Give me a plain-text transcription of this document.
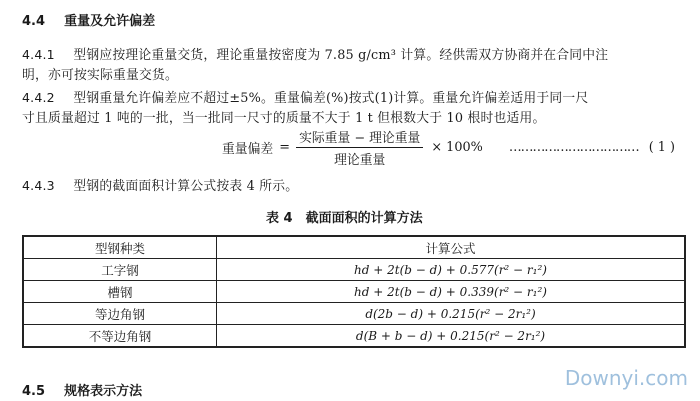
4.4 重量及允许偏差
4.4.1 型钢应按理论重量交货，理论重量按密度为 7.85 g/cm³ 计算。经供需双方协商并在合同中注
明，亦可按实际重量交货。
4.4.2 型钢重量允许偏差应不超过±5%。重量偏差(%)按式(1)计算。重量允许偏差适用于同一尺
寸且质量超过 1 吨的一批，当一批同一尺寸的质量不大于 1 t 但根数大于 10 根时也适用。
重量偏差 = $\frac{\text{实际重量 − 理论重量}}{\text{理论重量}} \times 100\%$ …………………………… ( 1 )
4.4.3 型钢的截面面积计算公式按表 4 所示。
表 4　截面面积的计算方法
型钢种类	计算公式
工字钢	hd + 2t(b − d) + 0.577(r² − r₁²)
槽钢	hd + 2t(b − d) + 0.339(r² − r₁²)
等边角钢	d(2b − d) + 0.215(r² − 2r₁²)
不等边角钢	d(B + b − d) + 0.215(r² − 2r₁²)
4.5 规格表示方法
Downyi.com
